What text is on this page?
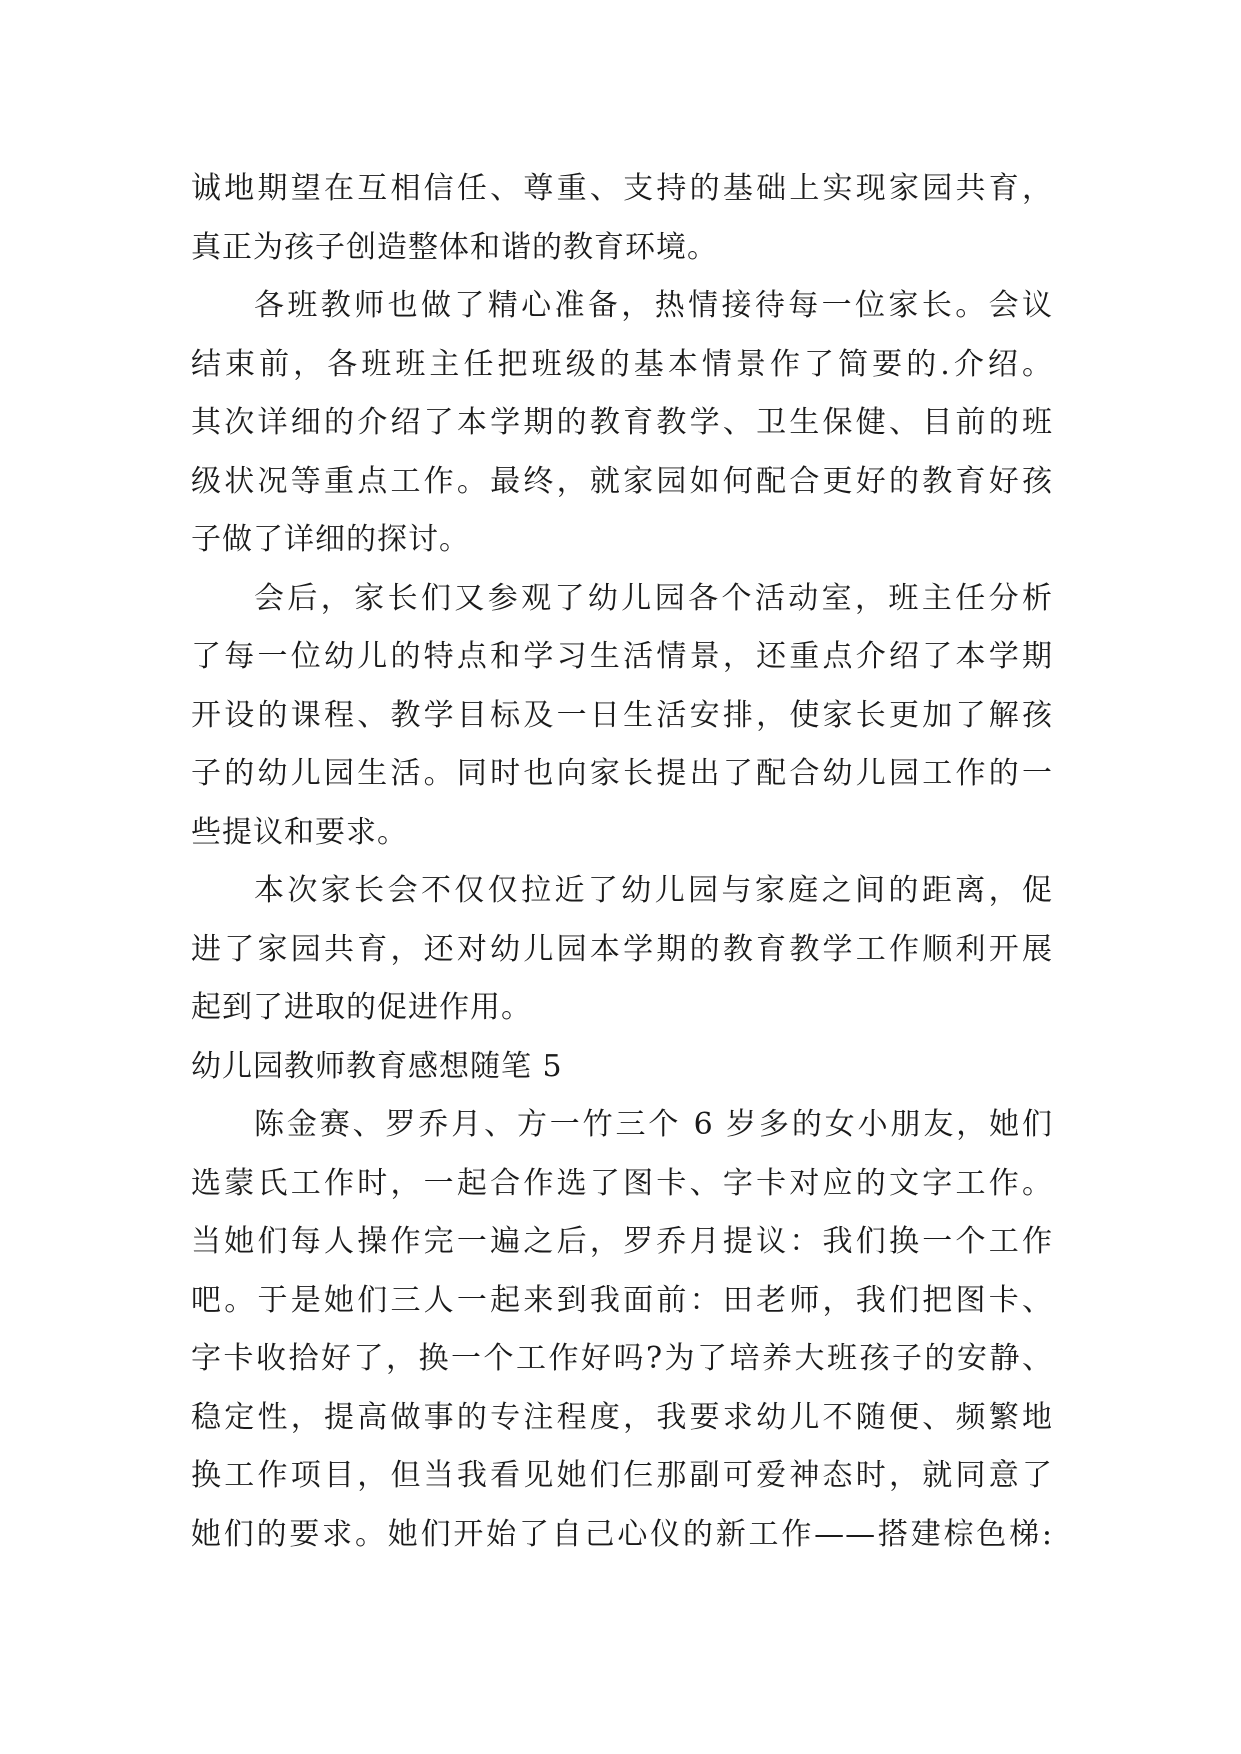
诚地期望在互相信任、尊重、支持的基础上实现家园共育，
真正为孩子创造整体和谐的教育环境。
各班教师也做了精心准备，热情接待每一位家长。会议
结束前，各班班主任把班级的基本情景作了简要的.介绍。
其次详细的介绍了本学期的教育教学、卫生保健、目前的班
级状况等重点工作。最终，就家园如何配合更好的教育好孩
子做了详细的探讨。
会后，家长们又参观了幼儿园各个活动室，班主任分析
了每一位幼儿的特点和学习生活情景，还重点介绍了本学期
开设的课程、教学目标及一日生活安排，使家长更加了解孩
子的幼儿园生活。同时也向家长提出了配合幼儿园工作的一
些提议和要求。
本次家长会不仅仅拉近了幼儿园与家庭之间的距离，促
进了家园共育，还对幼儿园本学期的教育教学工作顺利开展
起到了进取的促进作用。
幼儿园教师教育感想随笔 5
陈金赛、罗乔月、方一竹三个 6 岁多的女小朋友，她们
选蒙氏工作时，一起合作选了图卡、字卡对应的文字工作。
当她们每人操作完一遍之后，罗乔月提议：我们换一个工作
吧。于是她们三人一起来到我面前：田老师，我们把图卡、
字卡收拾好了，换一个工作好吗?为了培养大班孩子的安静、
稳定性，提高做事的专注程度，我要求幼儿不随便、频繁地
换工作项目，但当我看见她们仨那副可爱神态时，就同意了
她们的要求。她们开始了自己心仪的新工作——搭建棕色梯:
